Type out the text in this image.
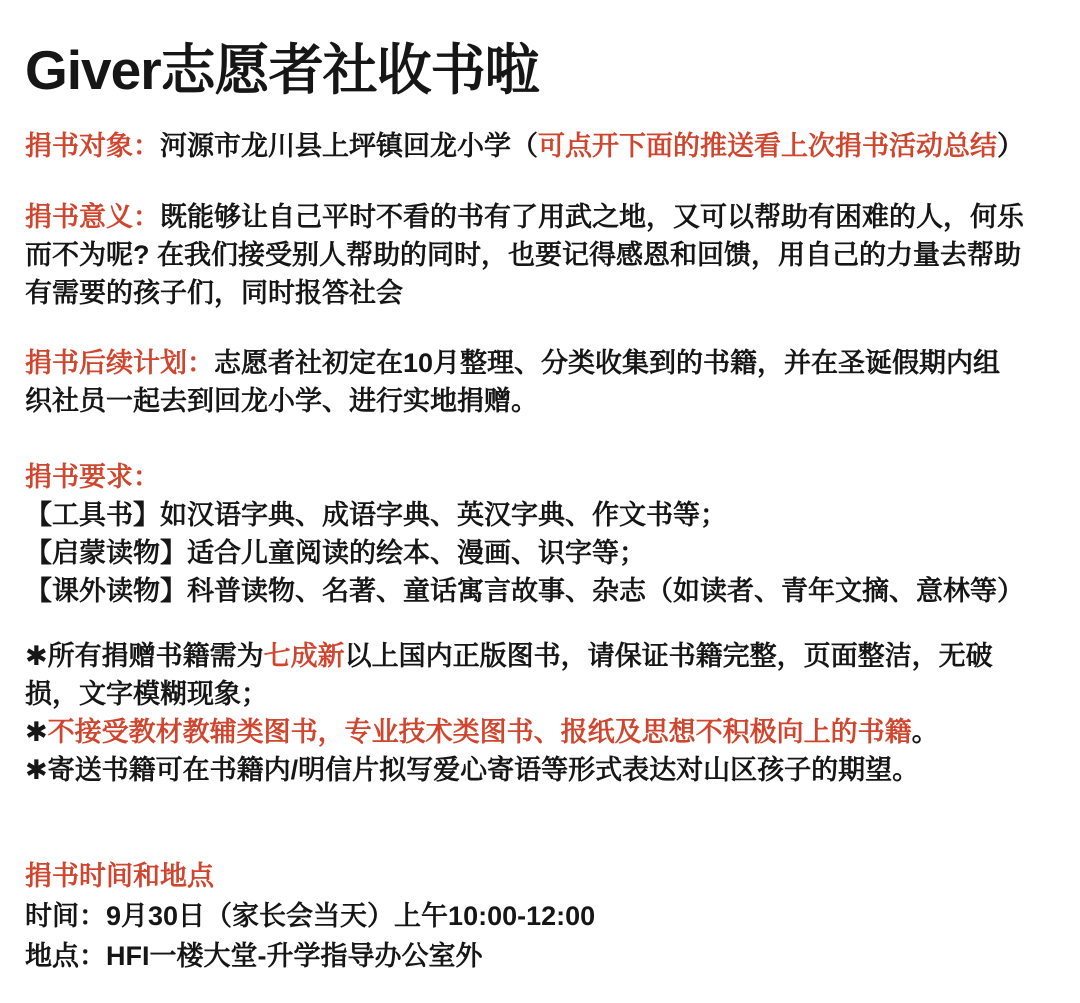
Giver志愿者社收书啦

捐书对象：河源市龙川县上坪镇回龙小学（可点开下面的推送看上次捐书活动总结）

捐书意义：既能够让自己平时不看的书有了用武之地，又可以帮助有困难的人，何乐
而不为呢? 在我们接受别人帮助的同时，也要记得感恩和回馈，用自己的力量去帮助
有需要的孩子们，同时报答社会

捐书后续计划：志愿者社初定在10月整理、分类收集到的书籍，并在圣诞假期内组
织社员一起去到回龙小学、进行实地捐赠。

捐书要求：
【工具书】如汉语字典、成语字典、英汉字典、作文书等；
【启蒙读物】适合儿童阅读的绘本、漫画、识字等；
【课外读物】科普读物、名著、童话寓言故事、杂志（如读者、青年文摘、意林等）

✱所有捐赠书籍需为七成新以上国内正版图书，请保证书籍完整，页面整洁，无破
损，文字模糊现象；
✱不接受教材教辅类图书，专业技术类图书、报纸及思想不积极向上的书籍。
✱寄送书籍可在书籍内/明信片拟写爱心寄语等形式表达对山区孩子的期望。

捐书时间和地点
时间：9月30日（家长会当天）上午10:00-12:00
地点：HFI一楼大堂-升学指导办公室外
